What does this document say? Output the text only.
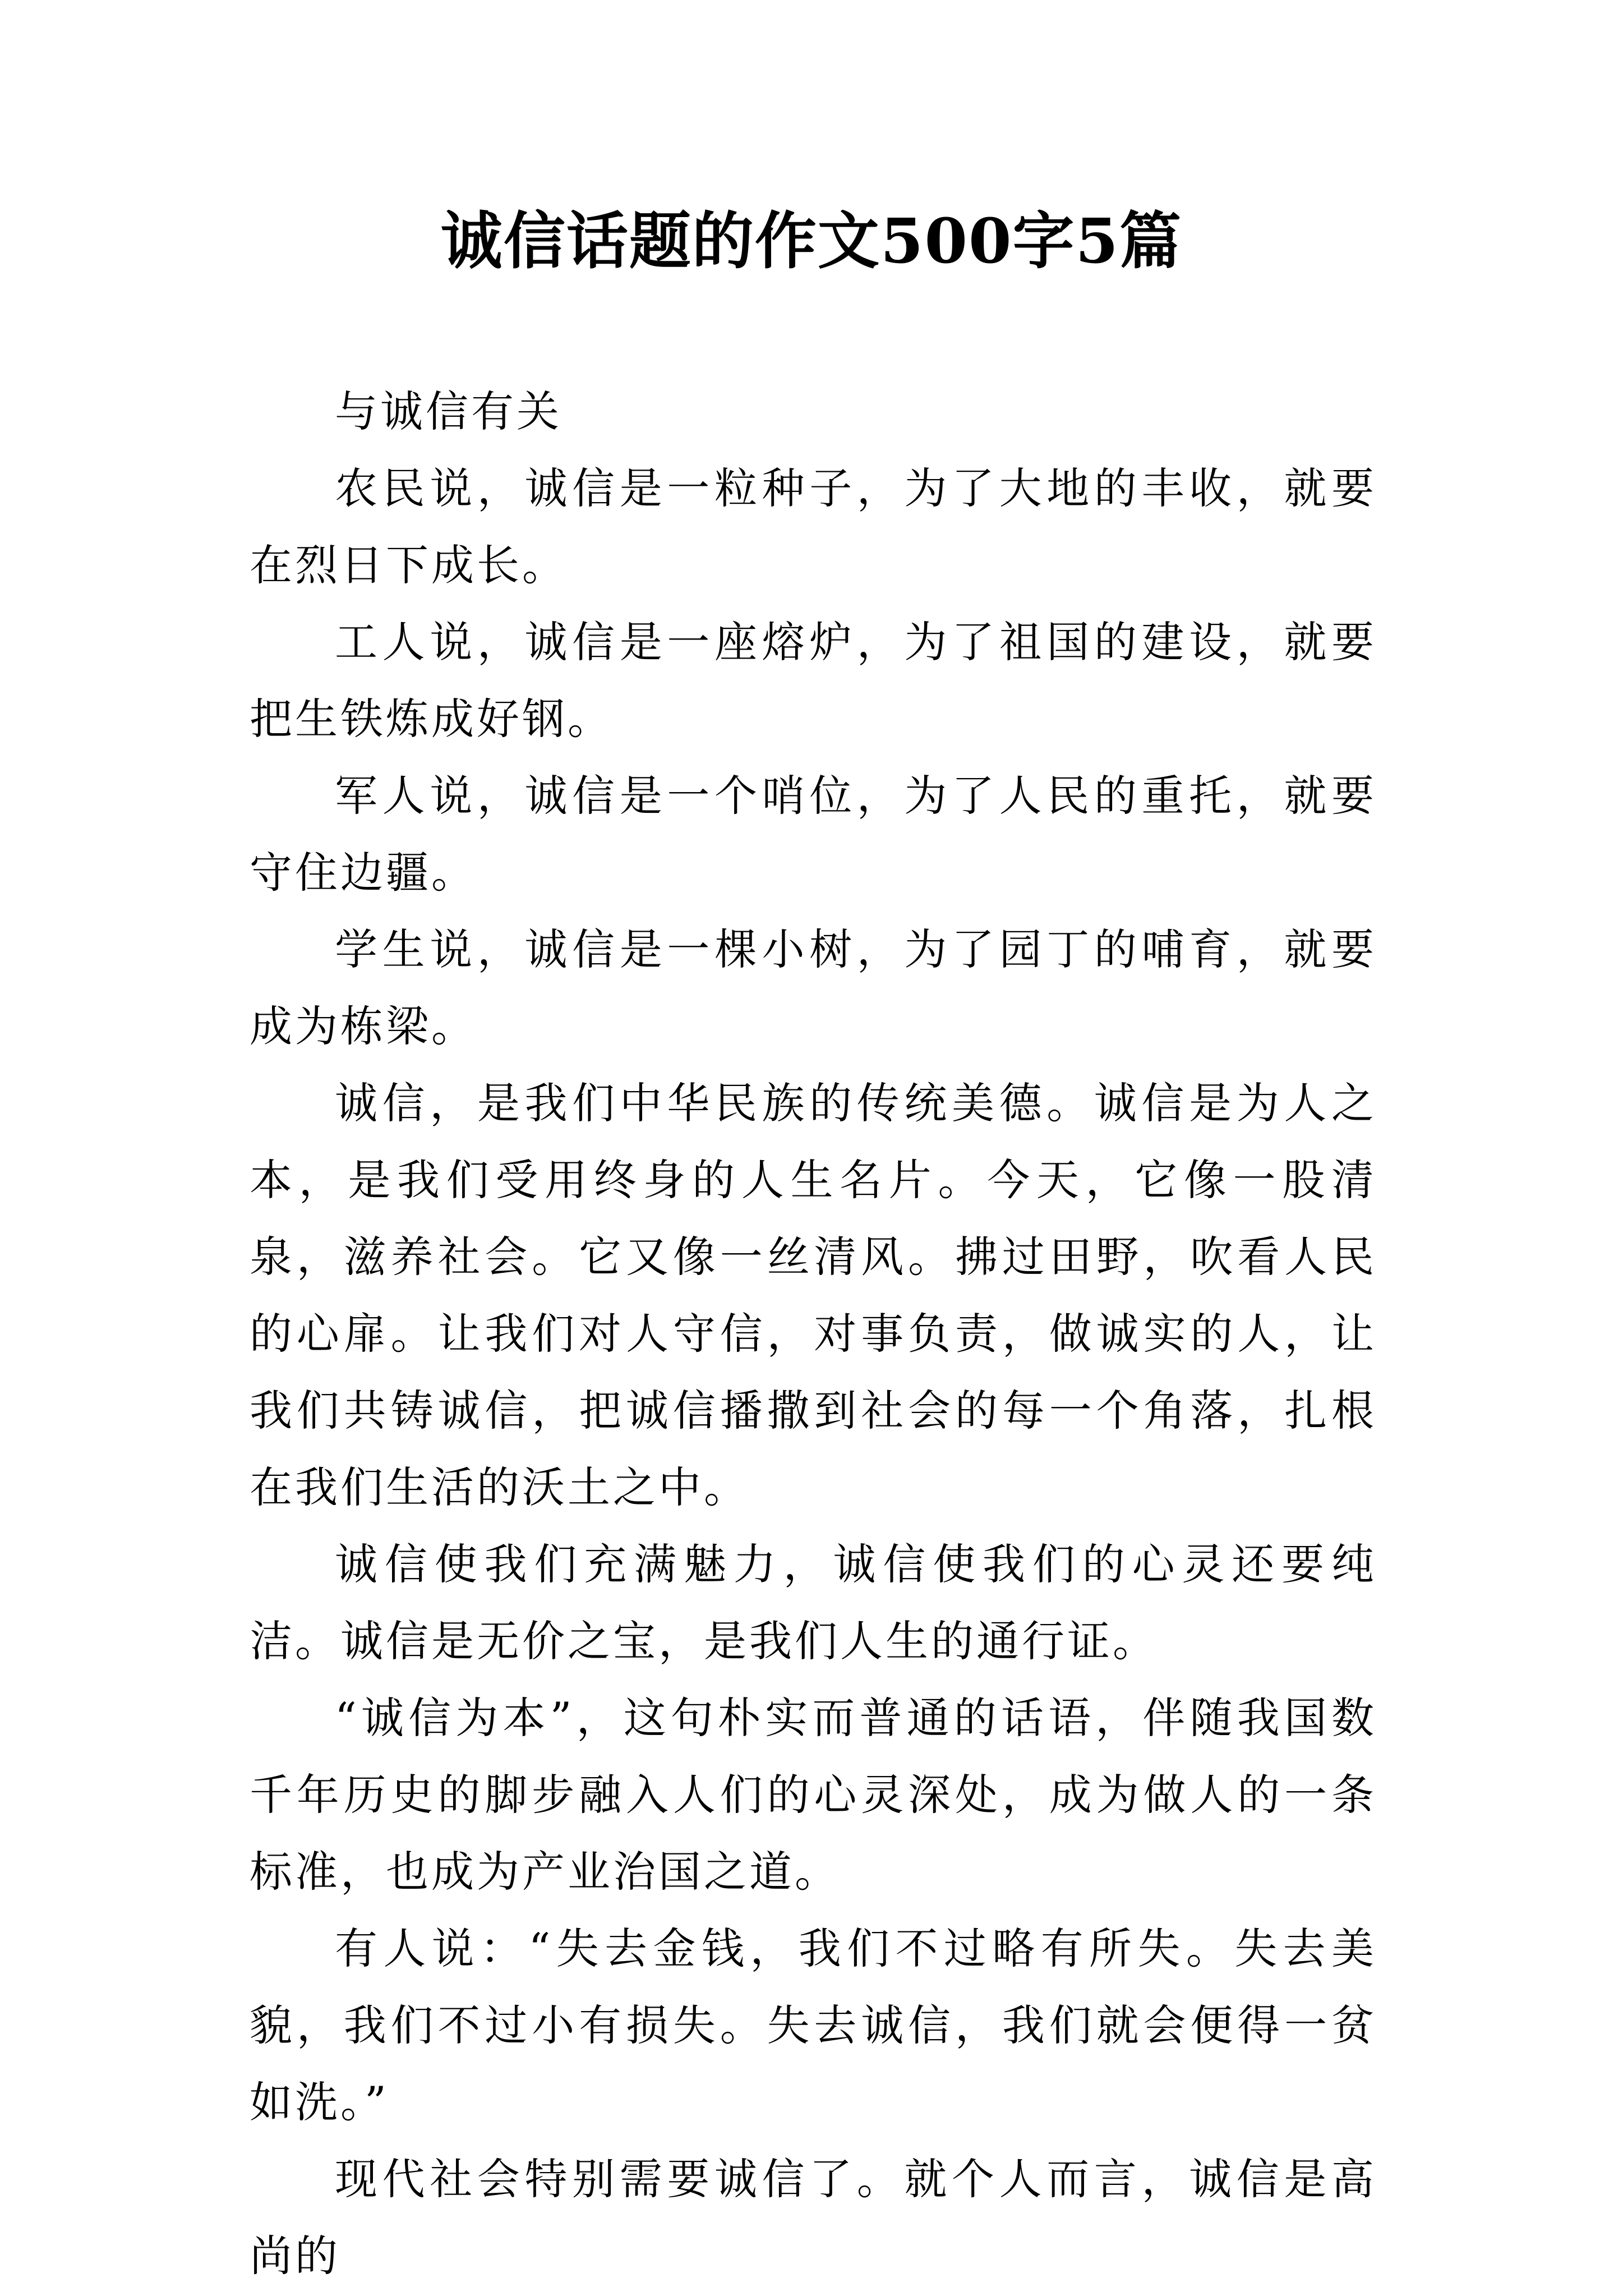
诚信话题的作文500字5篇

与诚信有关

农民说，诚信是一粒种子，为了大地的丰收，就要在烈日下成长。

工人说，诚信是一座熔炉，为了祖国的建设，就要把生铁炼成好钢。

军人说，诚信是一个哨位，为了人民的重托，就要守住边疆。

学生说，诚信是一棵小树，为了园丁的哺育，就要成为栋梁。

诚信，是我们中华民族的传统美德。诚信是为人之本，是我们受用终身的人生名片。今天，它像一股清泉，滋养社会。它又像一丝清风。拂过田野，吹看人民的心扉。让我们对人守信，对事负责，做诚实的人，让我们共铸诚信，把诚信播撒到社会的每一个角落，扎根在我们生活的沃土之中。

诚信使我们充满魅力，诚信使我们的心灵还要纯洁。诚信是无价之宝，是我们人生的通行证。

“诚信为本”，这句朴实而普通的话语，伴随我国数千年历史的脚步融入人们的心灵深处，成为做人的一条标准，也成为产业治国之道。

有人说：“失去金钱，我们不过略有所失。失去美貌，我们不过小有损失。失去诚信，我们就会便得一贫如洗。”

现代社会特别需要诚信了。就个人而言，诚信是高尚的
